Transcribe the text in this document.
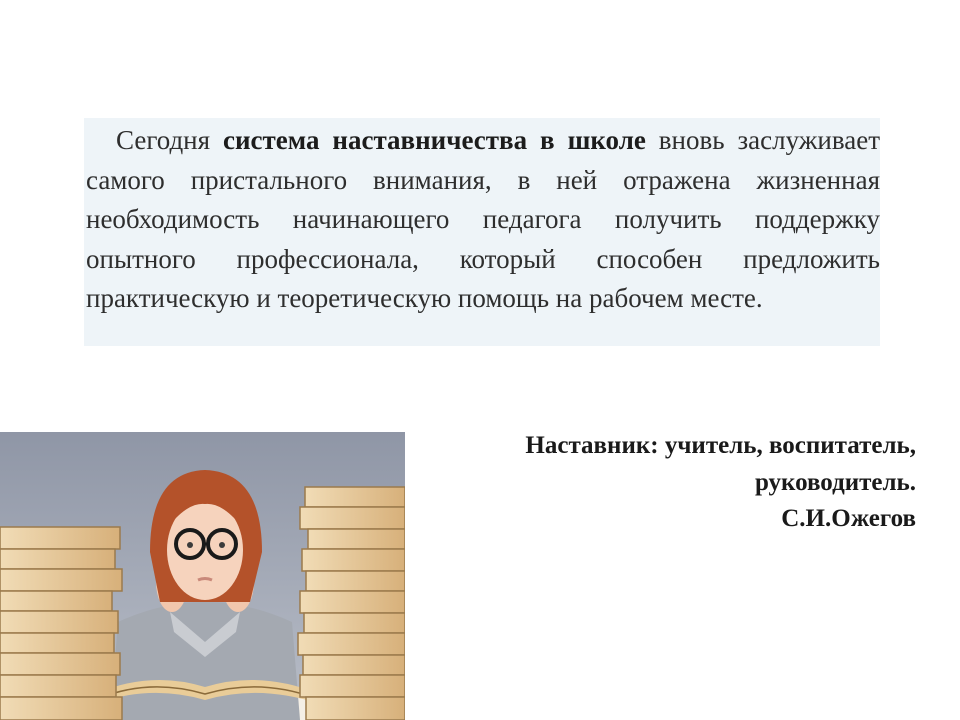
Сегодня система наставничества в школе вновь заслуживает самого пристального внимания, в ней отражена жизненная необходимость начинающего педагога получить поддержку опытного профессионала, который способен предложить практическую и теоретическую помощь на рабочем месте.

Наставник: учитель, воспитатель,
руководитель.
С.И.Ожегов
